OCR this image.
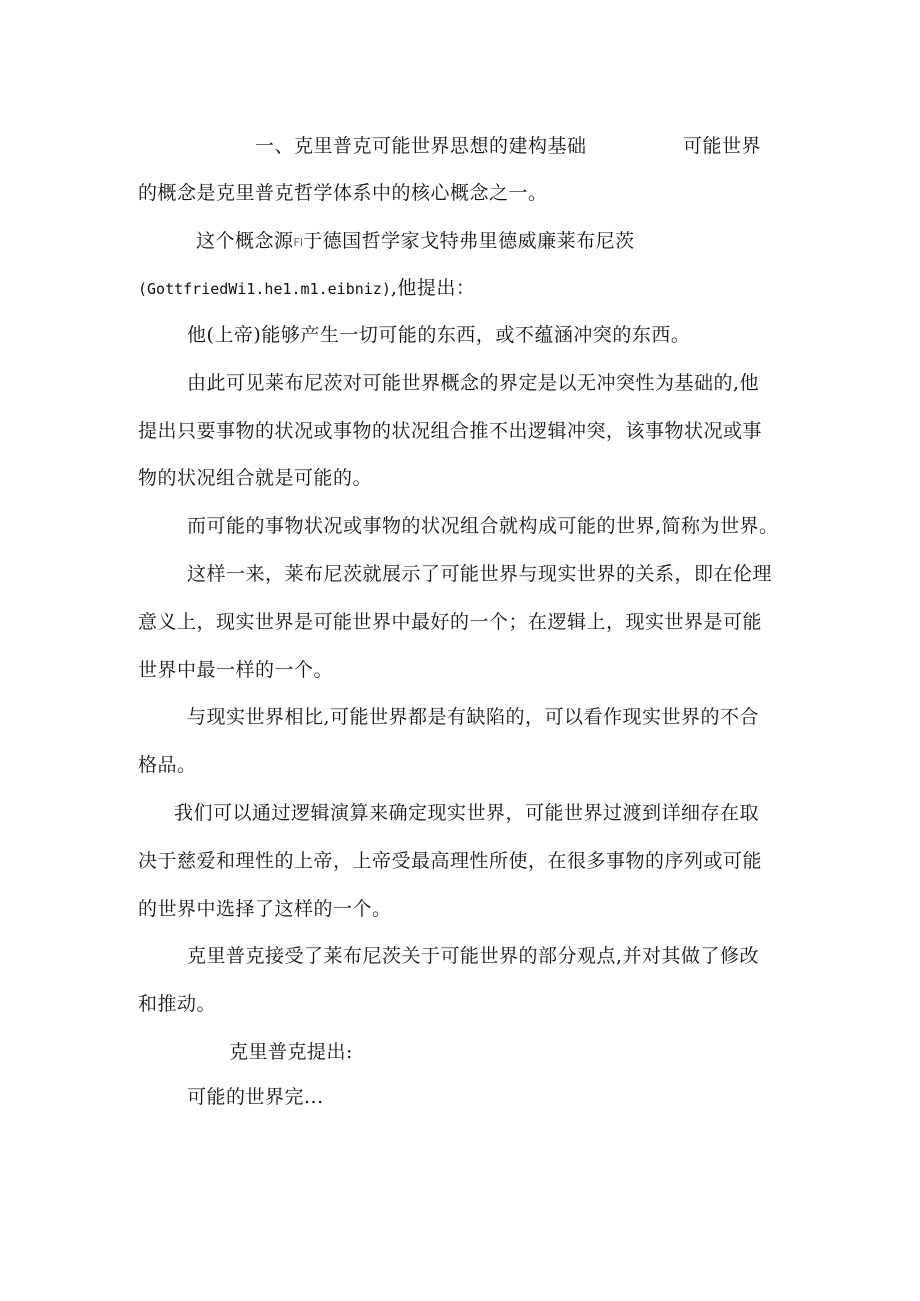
一、克里普克可能世界思想的建构基础	可能世界
的概念是克里普克哲学体系中的核心概念之一。
这个概念源FI于德国哲学家戈特弗里德威廉莱布尼茨
(GottfriedWi1.he1.m1.eibniz),他提出：
他(上帝)能够产生一切可能的东西，或不蕴涵冲突的东西。
由此可见莱布尼茨对可能世界概念的界定是以无冲突性为基础的,他
提出只要事物的状况或事物的状况组合推不出逻辑冲突，该事物状况或事
物的状况组合就是可能的。
而可能的事物状况或事物的状况组合就构成可能的世界,简称为世界。
这样一来，莱布尼茨就展示了可能世界与现实世界的关系，即在伦理
意义上，现实世界是可能世界中最好的一个；在逻辑上，现实世界是可能
世界中最一样的一个。
与现实世界相比,可能世界都是有缺陷的，可以看作现实世界的不合
格品。
我们可以通过逻辑演算来确定现实世界，可能世界过渡到详细存在取
决于慈爱和理性的上帝，上帝受最高理性所使，在很多事物的序列或可能
的世界中选择了这样的一个。
克里普克接受了莱布尼茨关于可能世界的部分观点,并对其做了修改
和推动。
克里普克提出:
可能的世界完...
